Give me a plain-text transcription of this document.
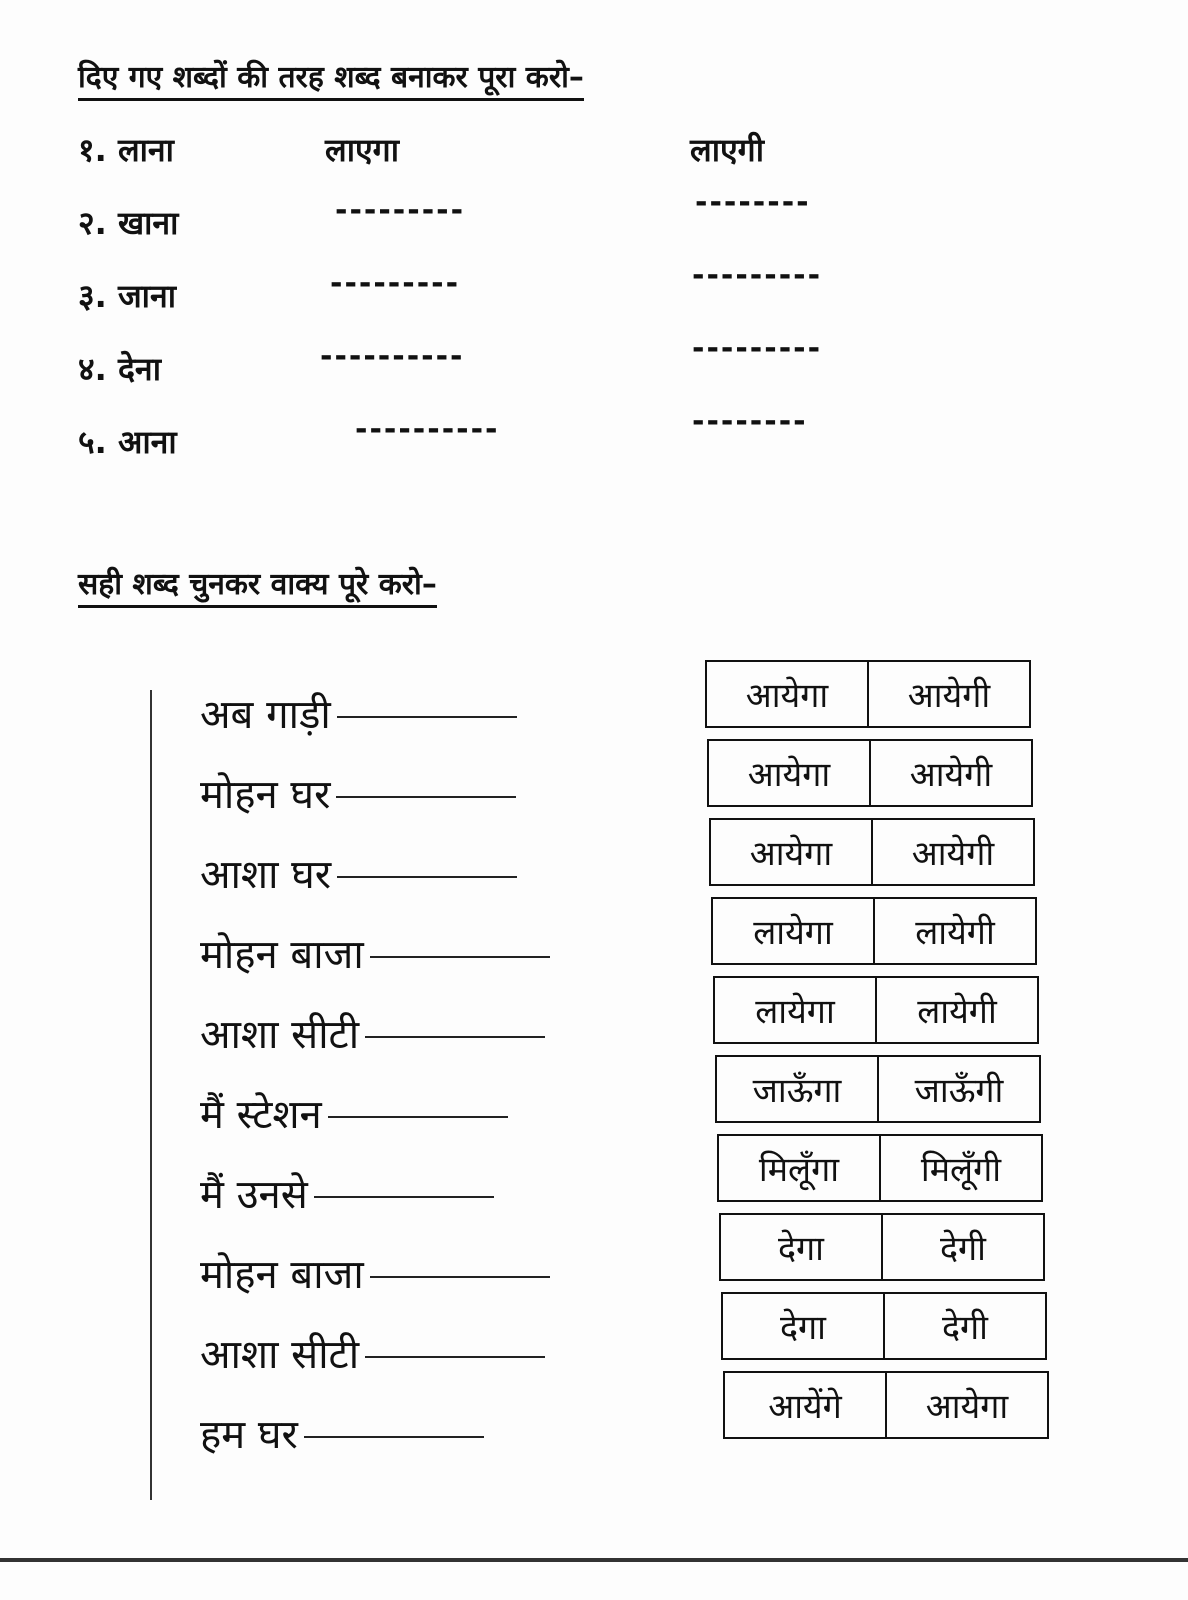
दिए गए शब्दों की तरह शब्द बनाकर पूरा करो–
१. लाना	लाएगा	लाएगी
२. खाना	---------	--------
३. जाना	---------	---------
४. देना	----------	---------
५. आना	----------	--------
सही शब्द चुनकर वाक्य पूरे करो–
अब गाड़ी
मोहन घर
आशा घर
मोहन बाजा
आशा सीटी
मैं स्टेशन
मैं उनसे
मोहन बाजा
आशा सीटी
हम घर
आयेगा	आयेगी
आयेगा	आयेगी
आयेगा	आयेगी
लायेगा	लायेगी
लायेगा	लायेगी
जाऊँगा	जाऊँगी
मिलूँगा	मिलूँगी
देगा	देगी
देगा	देगी
आयेंगे	आयेगा
